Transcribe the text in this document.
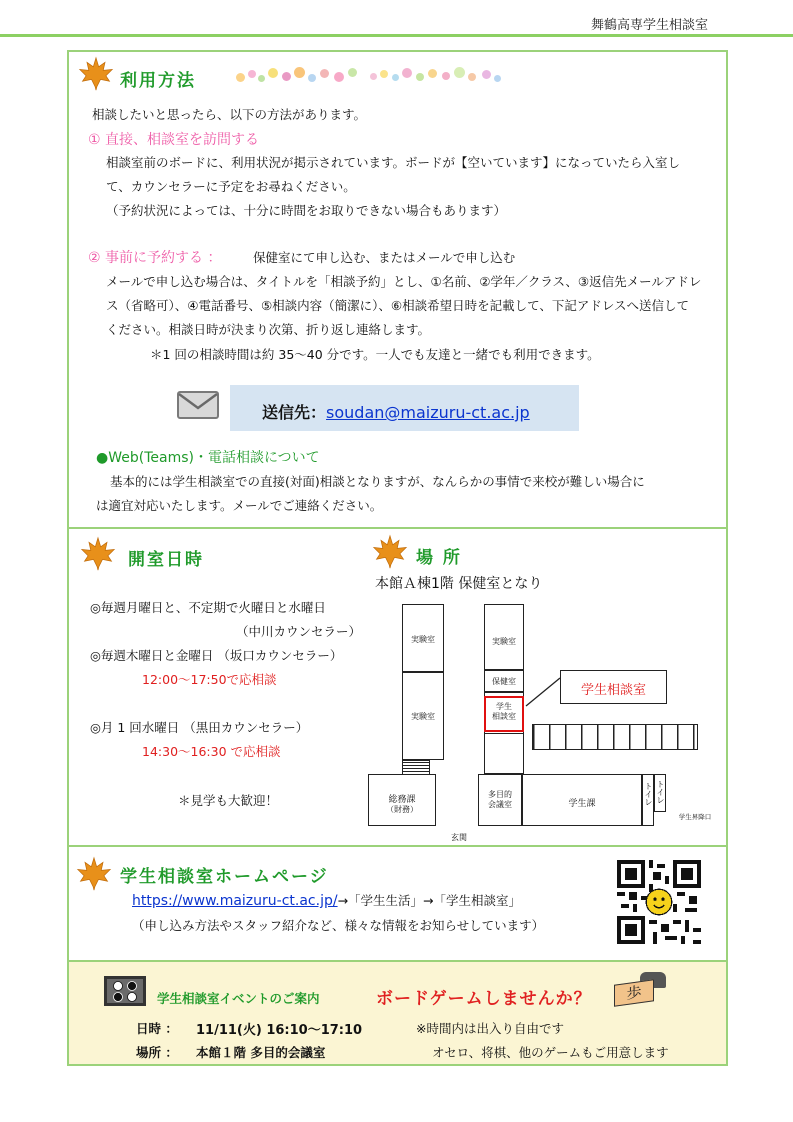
舞鶴高専学生相談室
利用方法
相談したいと思ったら、以下の方法があります。
① 直接、相談室を訪問する
相談室前のボードに、利用状況が掲示されています。ボードが【空いています】になっていたら入室し
て、カウンセラーに予定をお尋ねください。
（予約状況によっては、十分に時間をお取りできない場合もあります）
② 事前に予約する ：	保健室にて申し込む、またはメールで申し込む
メールで申し込む場合は、タイトルを「相談予約」とし、①名前、②学年／クラス、③返信先メールアドレ
ス（省略可）、④電話番号、⑤相談内容（簡潔に）、⑥相談希望日時を記載して、下記アドレスへ送信して
ください。相談日時が決まり次第、折り返し連絡します。
＊1 回の相談時間は約 35～40 分です。一人でも友達と一緒でも利用できます。
送信先：soudan@maizuru-ct.ac.jp
●Web(Teams)・電話相談について
基本的には学生相談室での直接(対面)相談となりますが、なんらかの事情で来校が難しい場合に
は適宜対応いたします。メールでご連絡ください。
開室日時
◎毎週月曜日と、不定期で火曜日と水曜日
（中川カウンセラー）
◎毎週木曜日と金曜日 （坂口カウンセラー）
12:00～17:50で応相談
◎月 1 回水曜日 （黒田カウンセラー）
14:30～16:30 で応相談
＊見学も大歓迎！
場 所
本館Ａ棟1階 保健室となり
実験室
実験室
実験室
保健室
学生
相談室
総務課
（財務）
多目的
会議室	学生課	トイレ トイレ
学生昇降口
玄関
学生相談室
学生相談室ホームページ
https://www.maizuru-ct.ac.jp/→「学生生活」→「学生相談室」
（申し込み方法やスタッフ紹介など、様々な情報をお知らせしています）
学生相談室イベントのご案内	ボードゲームしませんか？	歩
日時 ： 11/11(火) 16:10～17:10	※時間内は出入り自由です
場所 ： 本館１階 多目的会議室	オセロ、将棋、他のゲームもご用意します
